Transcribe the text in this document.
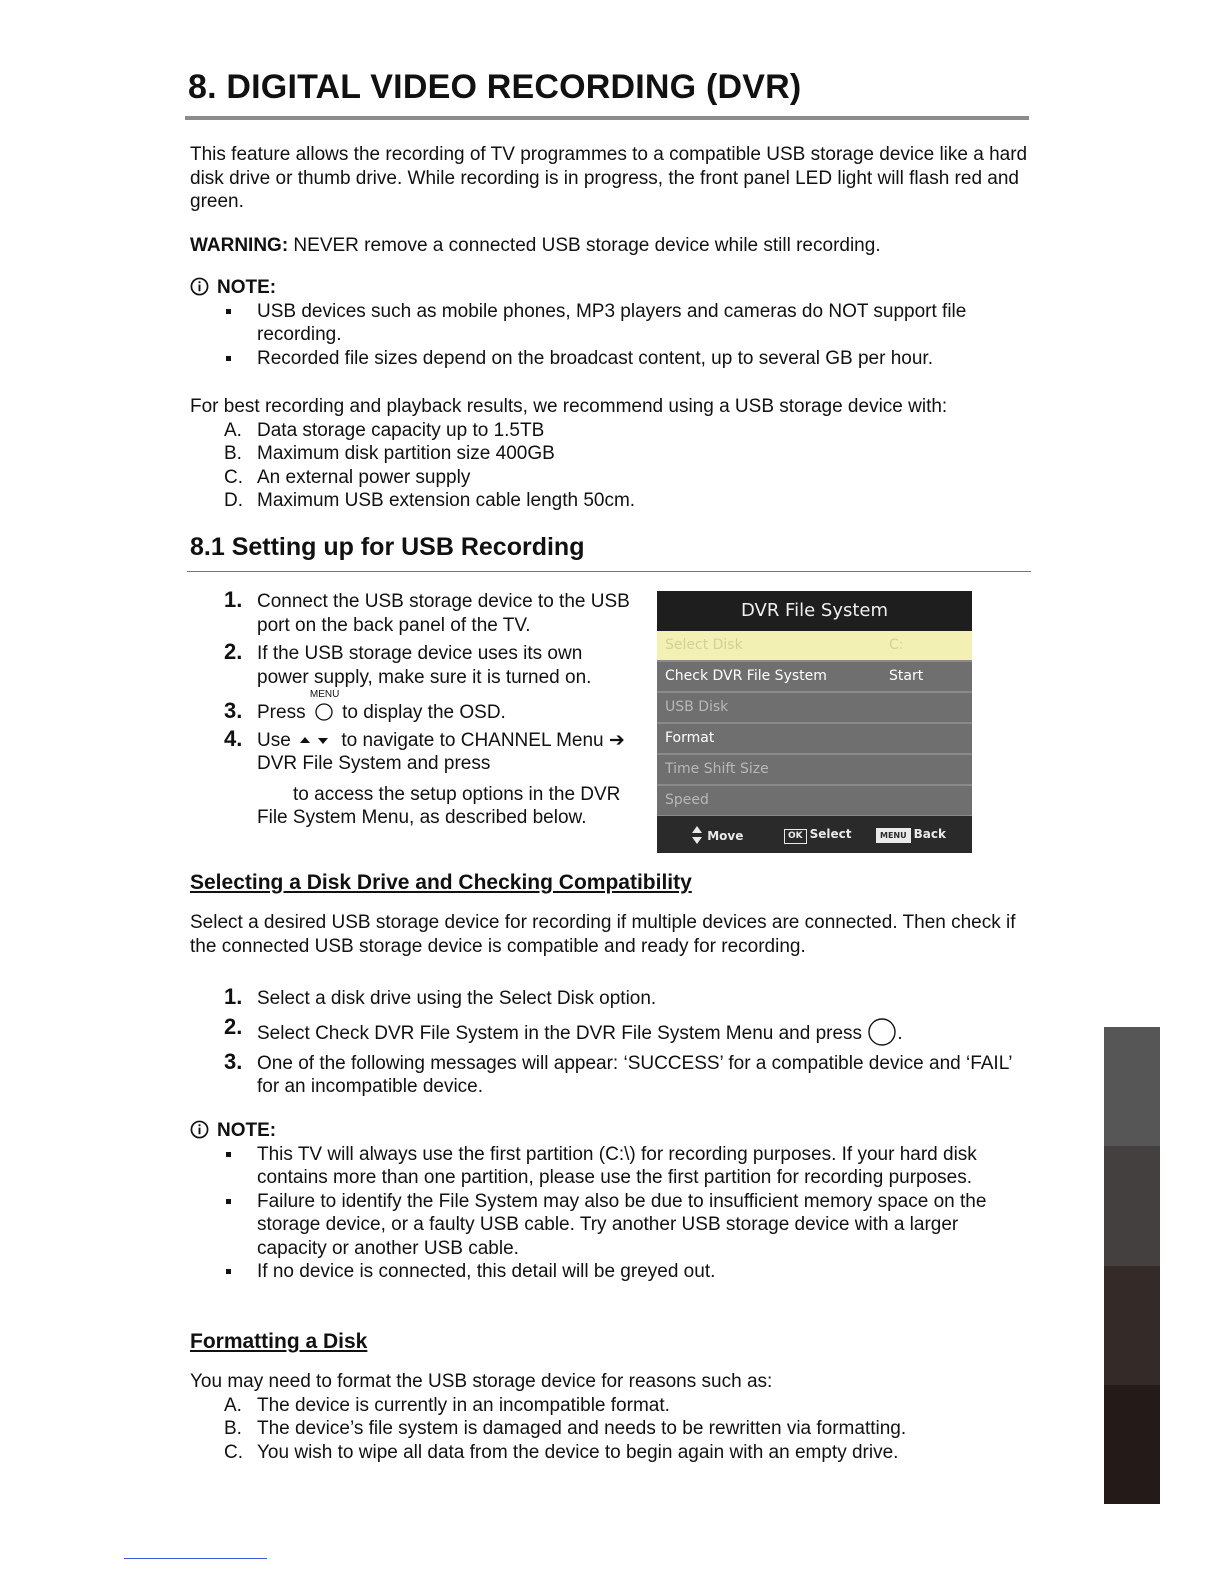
8. DIGITAL VIDEO RECORDING (DVR)
This feature allows the recording of TV programmes to a compatible USB storage device like a hard disk drive or thumb drive. While recording is in progress, the front panel LED light will flash red and green.
WARNING: NEVER remove a connected USB storage device while still recording.
NOTE:
USB devices such as mobile phones, MP3 players and cameras do NOT support file recording.
Recorded file sizes depend on the broadcast content, up to several GB per hour.
For best recording and playback results, we recommend using a USB storage device with:
A. Data storage capacity up to 1.5TB
B. Maximum disk partition size 400GB
C. An external power supply
D. Maximum USB extension cable length 50cm.
8.1 Setting up for USB Recording
1. Connect the USB storage device to the USB port on the back panel of the TV.
2. If the USB storage device uses its own power supply, make sure it is turned on.
3. Press
MENU
to display the OSD.
4. Use	to navigate to CHANNEL Menu ➔ DVR File System and press
to access the setup options in the DVR File System Menu, as described below.
DVR File System
Select Disk	C:
Check DVR File System	Start
USB Disk
Format
Time Shift Size
Speed
Move	OK Select	MENU Back
Selecting a Disk Drive and Checking Compatibility
Select a desired USB storage device for recording if multiple devices are connected. Then check if the connected USB storage device is compatible and ready for recording.
1. Select a disk drive using the Select Disk option.
2. Select Check DVR File System in the DVR File System Menu and press .
3. One of the following messages will appear: ‘SUCCESS’ for a compatible device and ‘FAIL’ for an incompatible device.
NOTE:
This TV will always use the first partition (C:\) for recording purposes. If your hard disk contains more than one partition, please use the first partition for recording purposes.
Failure to identify the File System may also be due to insufficient memory space on the storage device, or a faulty USB cable. Try another USB storage device with a larger capacity or another USB cable.
If no device is connected, this detail will be greyed out.
Formatting a Disk
You may need to format the USB storage device for reasons such as:
A. The device is currently in an incompatible format.
B. The device’s file system is damaged and needs to be rewritten via formatting.
C. You wish to wipe all data from the device to begin again with an empty drive.
